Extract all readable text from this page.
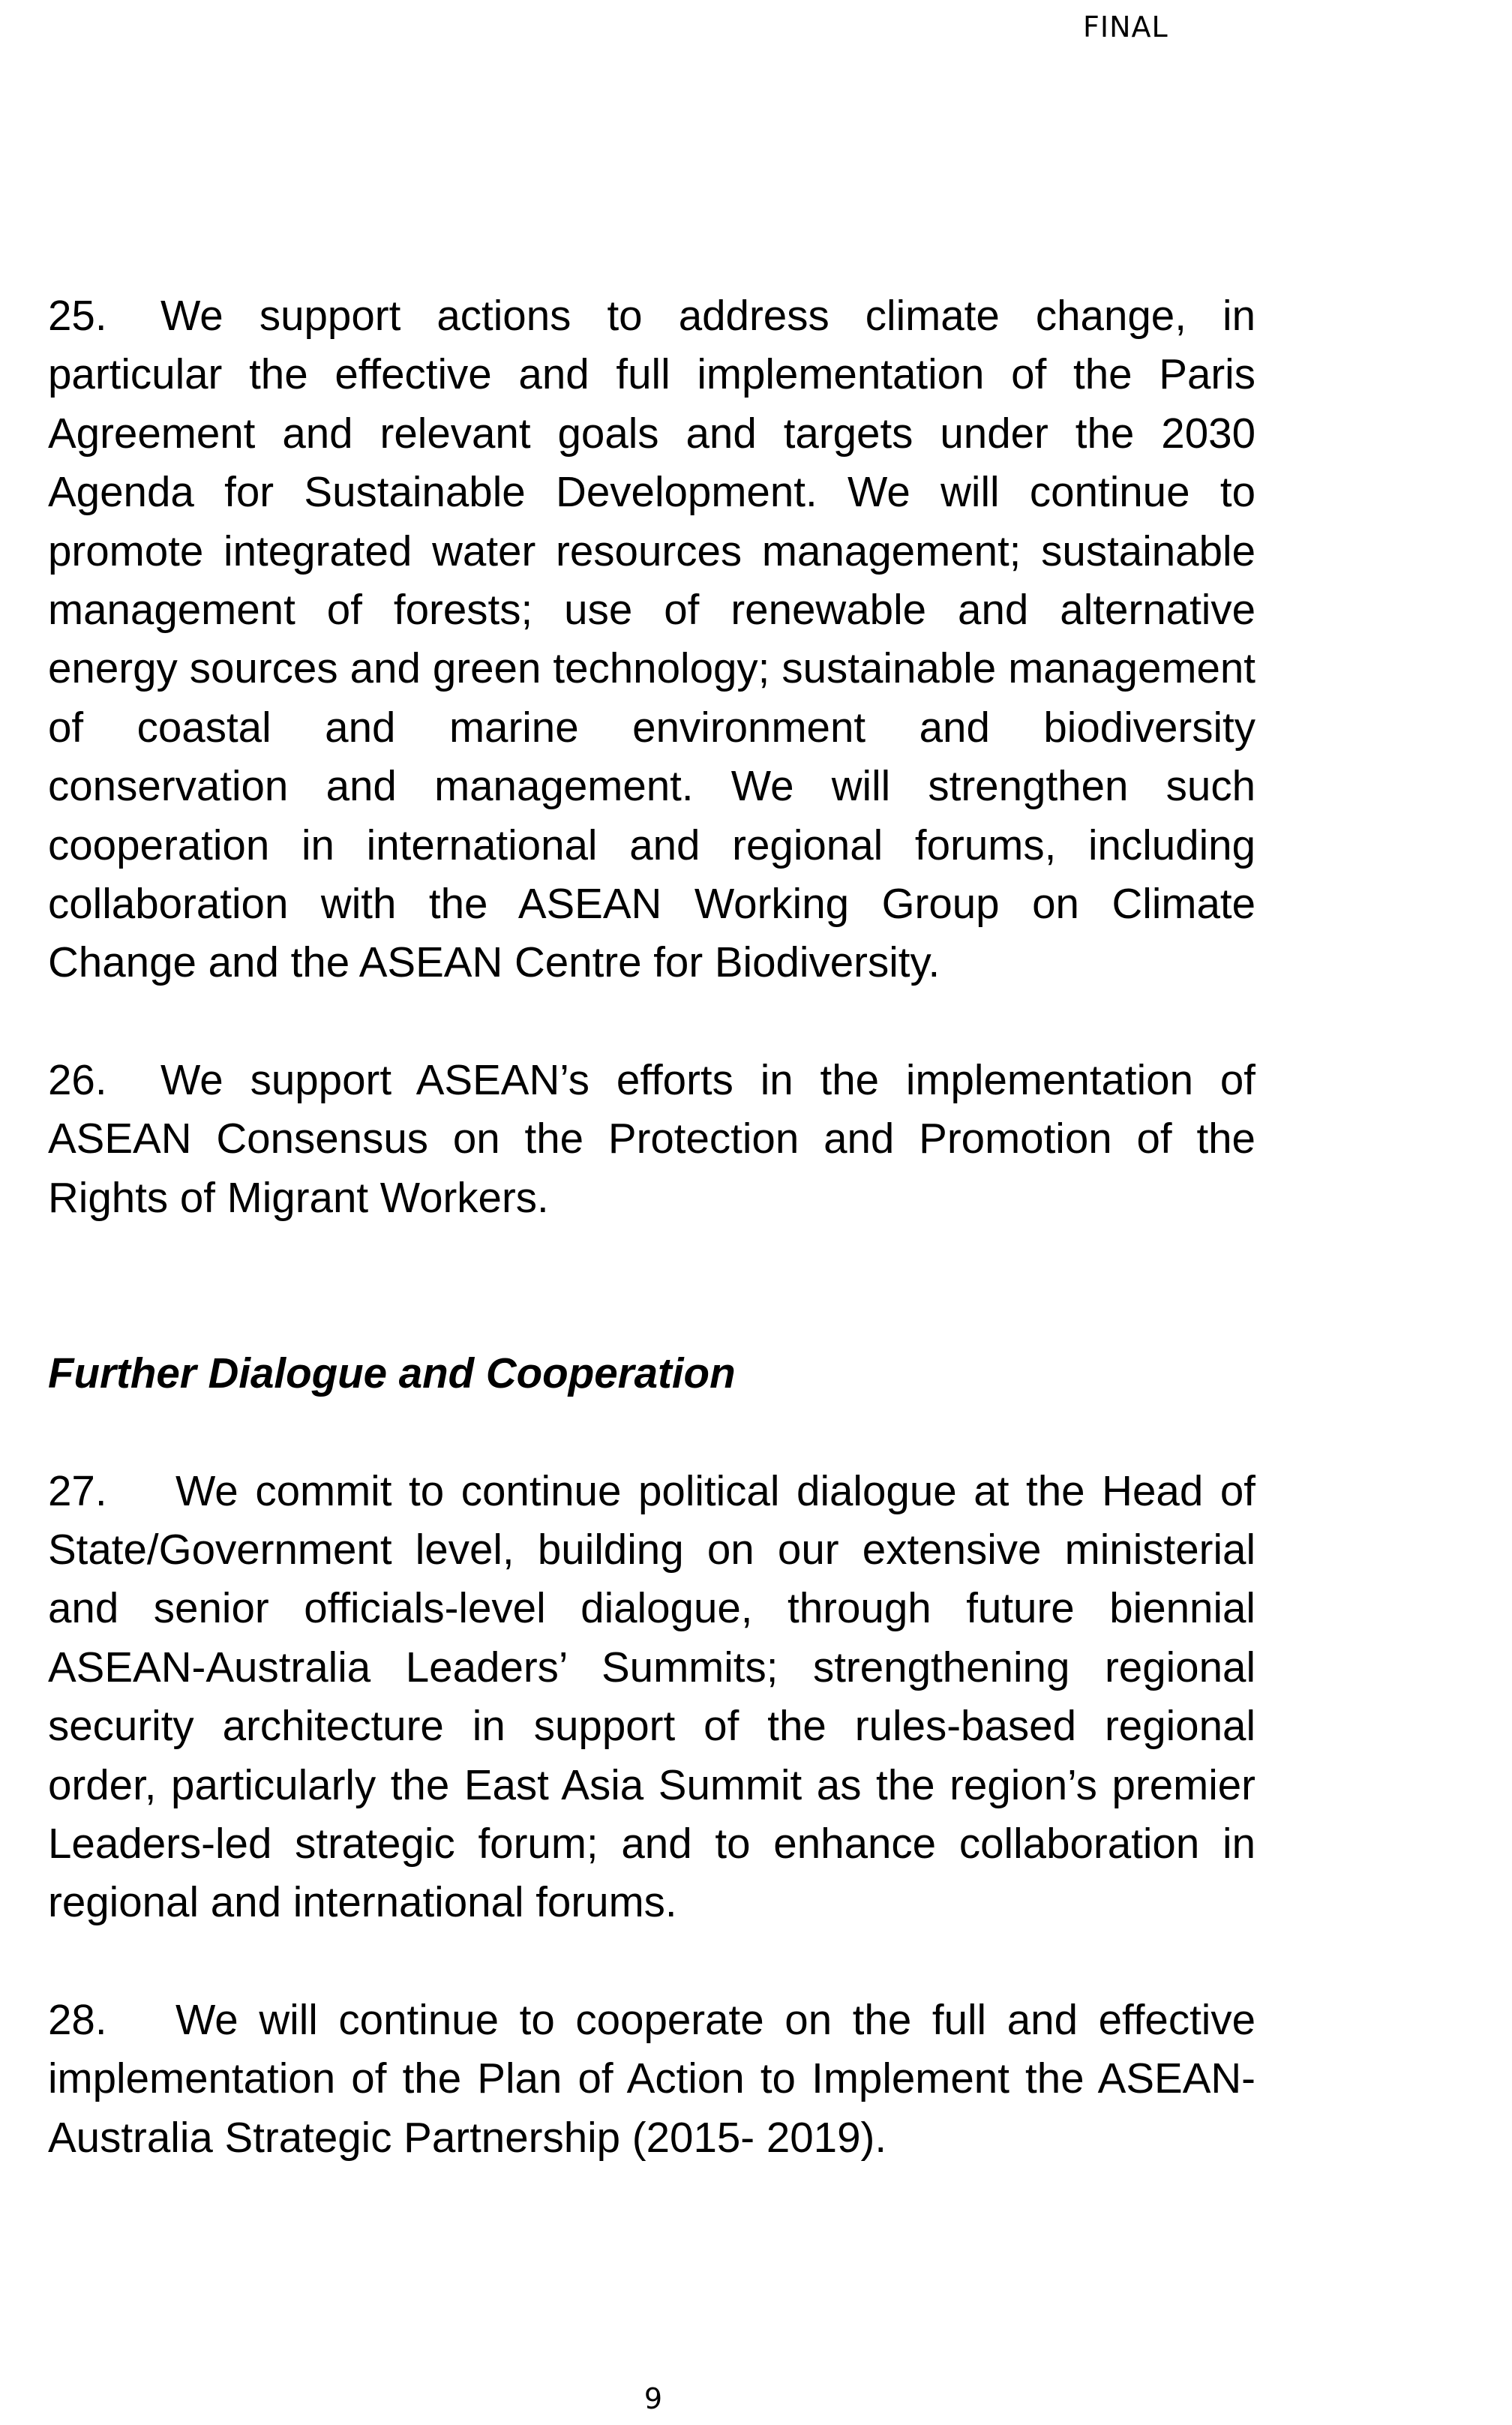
FINAL

25. We support actions to address climate change, in particular the effective and full implementation of the Paris Agreement and relevant goals and targets under the 2030 Agenda for Sustainable Development. We will continue to promote integrated water resources management; sustainable management of forests; use of renewable and alternative energy sources and green technology; sustainable management of coastal and marine environment and biodiversity conservation and management. We will strengthen such cooperation in international and regional forums, including collaboration with the ASEAN Working Group on Climate Change and the ASEAN Centre for Biodiversity.

26. We support ASEAN’s efforts in the implementation of ASEAN Consensus on the Protection and Promotion of the Rights of Migrant Workers.

Further Dialogue and Cooperation

27. We commit to continue political dialogue at the Head of State/Government level, building on our extensive ministerial and senior officials-level dialogue, through future biennial ASEAN-Australia Leaders’ Summits; strengthening regional security architecture in support of the rules-based regional order, particularly the East Asia Summit as the region’s premier Leaders-led strategic forum; and to enhance collaboration in regional and international forums.

28. We will continue to cooperate on the full and effective implementation of the Plan of Action to Implement the ASEAN-Australia Strategic Partnership (2015- 2019).

9
